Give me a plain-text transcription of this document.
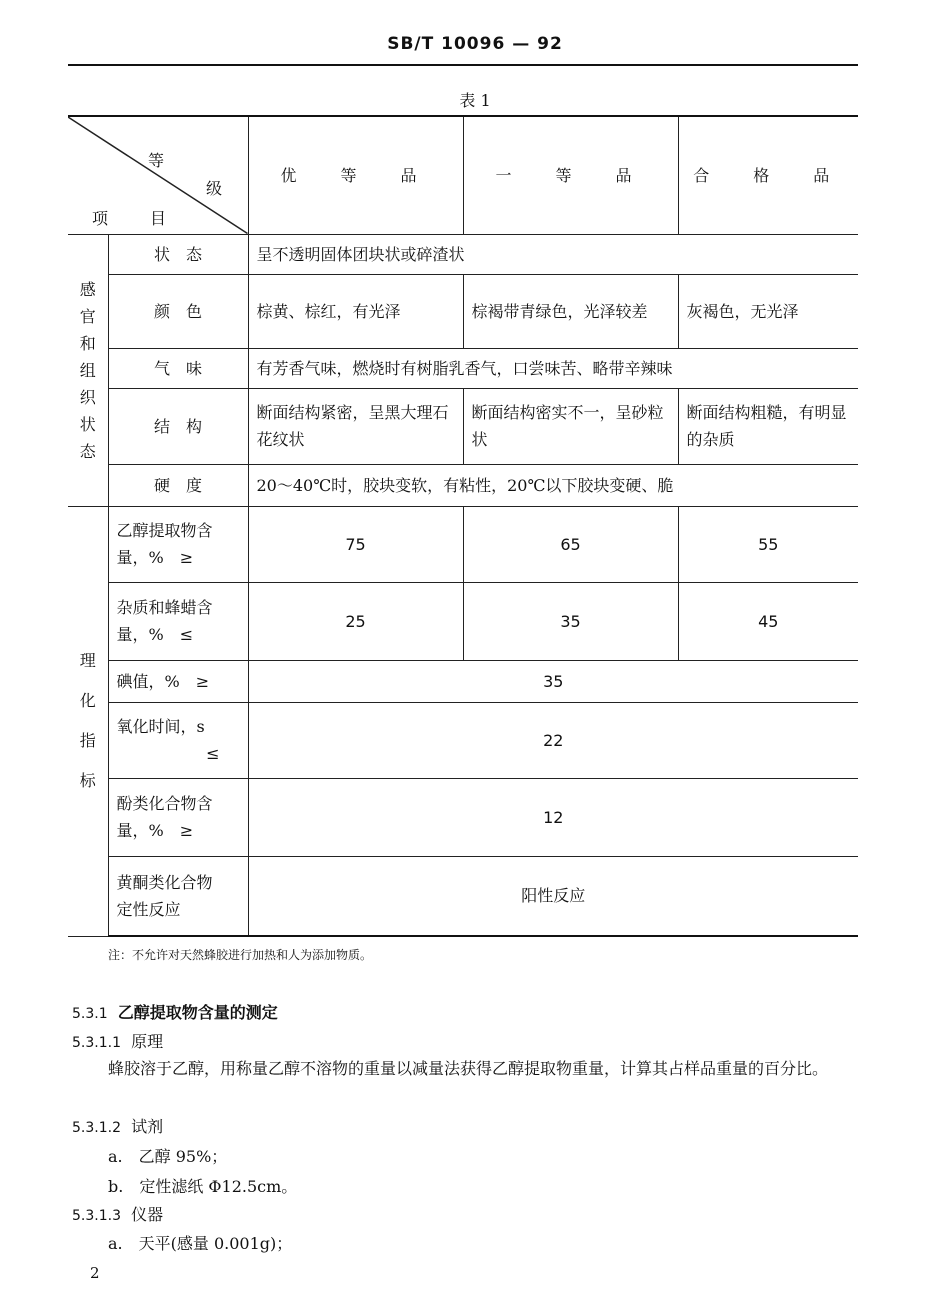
SB/T 10096 — 92
表 1
等
级
项 目		优　等　品	一　等　品	合　格　品
感官和组织状态	状　态	呈不透明固体团块状或碎渣状		
	颜　色	棕黄、棕红，有光泽	棕褐带青绿色，光泽较差	灰褐色，无光泽
	气　味	有芳香气味，燃烧时有树脂乳香气，口尝味苦、略带辛辣味		
	结　构	断面结构紧密，呈黑大理石花纹状	断面结构密实不一，呈砂粒状	断面结构粗糙，有明显的杂质
	硬　度	20～40℃时，胶块变软，有粘性，20℃以下胶块变硬、脆		
理化指标	乙醇提取物含
量，%　≥	75	65	55

	杂质和蜂蜡含
量，%　≤	25	35	45
	碘值，%　≥	35		

	氧化时间，s
≤	22		

	酚类化合物含
量，%　≥	12		

	黄酮类化合物
定性反应	阳性反应		
注：不允许对天然蜂胶进行加热和人为添加物质。
5.3.1 乙醇提取物含量的测定
5.3.1.1 原理
蜂胶溶于乙醇，用称量乙醇不溶物的重量以减量法获得乙醇提取物重量，计算其占样品重量的百分比。
5.3.1.2 试剂
a.　乙醇 95%；
b.　定性滤纸 Φ12.5cm。
5.3.1.3 仪器
a.　天平(感量 0.001g)；
2
